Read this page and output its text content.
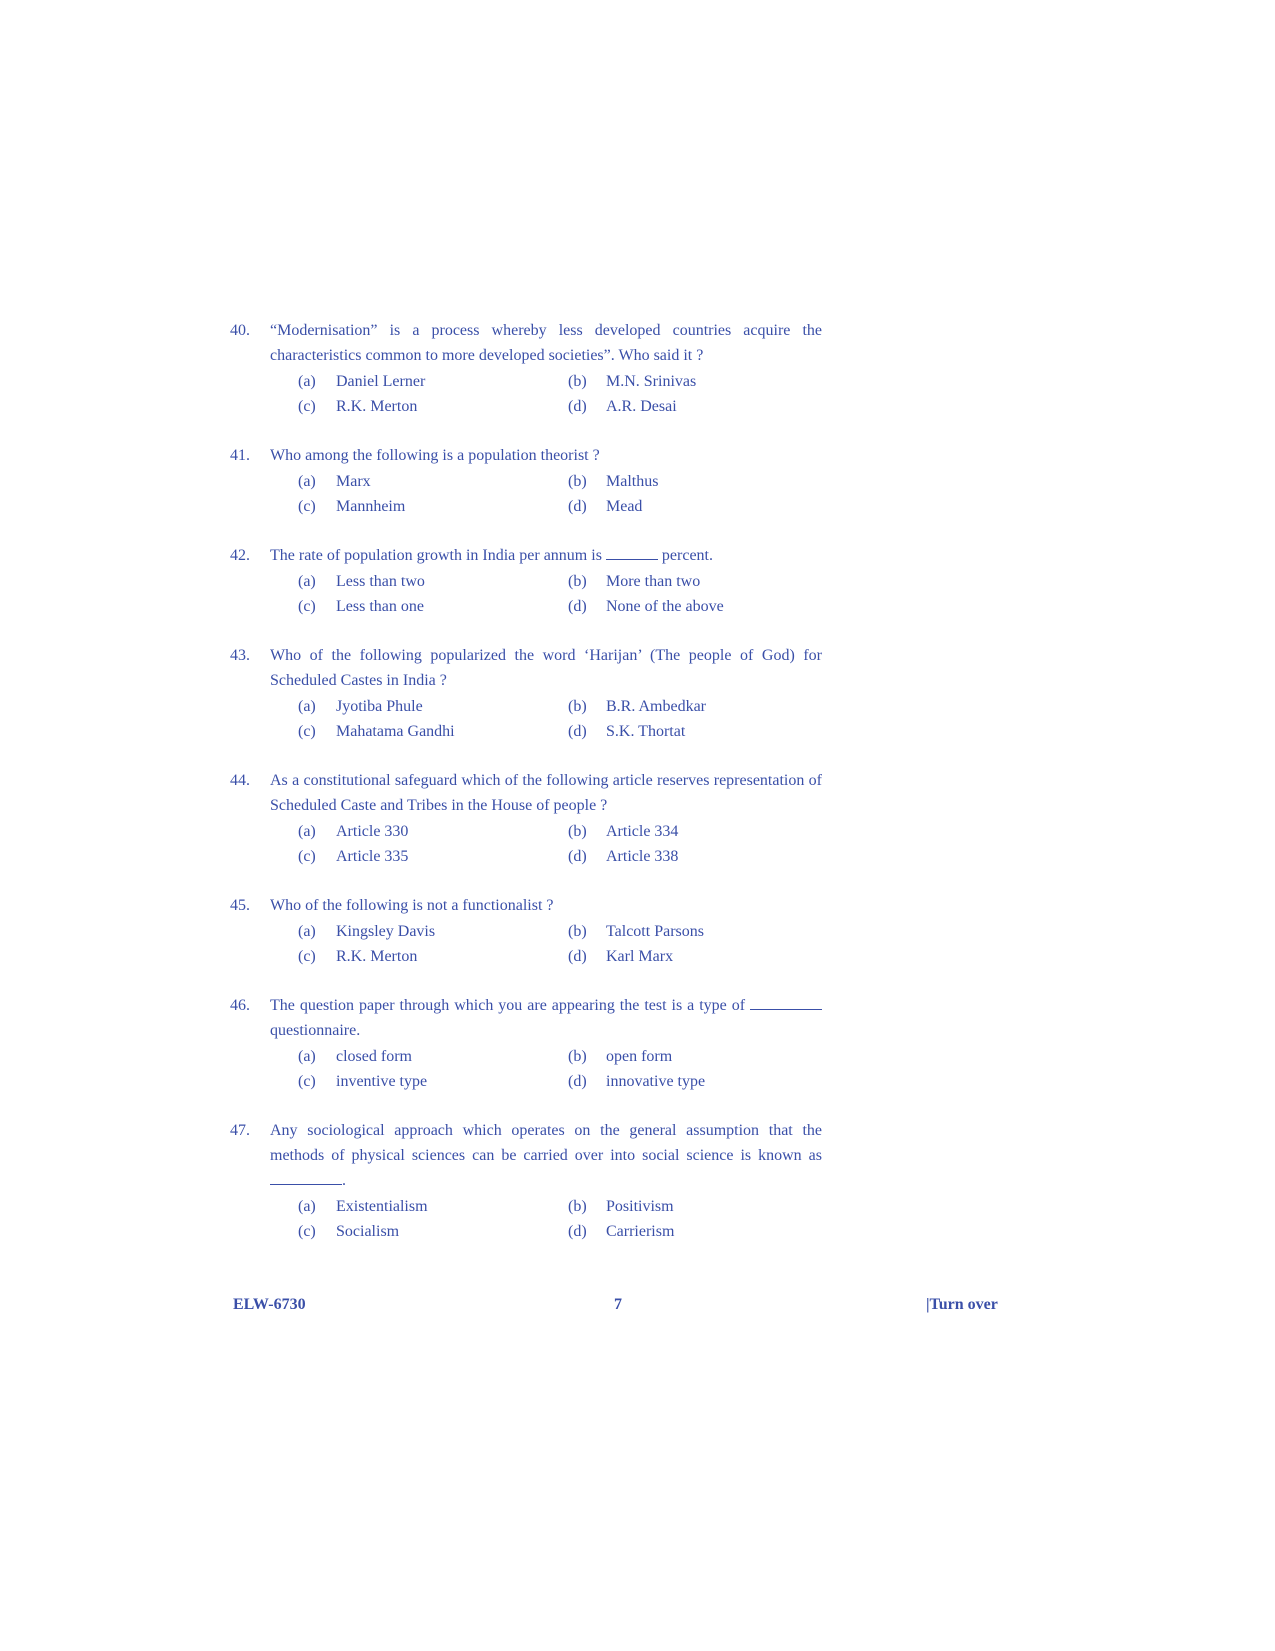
40.	“Modernisation” is a process whereby less developed countries acquire the characteristics common to more developed societies”. Who said it ?
(a)	Daniel Lerner	(b)	M.N. Srinivas
(c)	R.K. Merton	(d)	A.R. Desai
41.	Who among the following is a population theorist ?
(a)	Marx	(b)	Malthus
(c)	Mannheim	(d)	Mead
42.	The rate of population growth in India per annum is	percent.
(a)	Less than two	(b)	More than two
(c)	Less than one	(d)	None of the above
43.	Who of the following popularized the word ‘Harijan’ (The people of God) for Scheduled Castes in India ?
(a)	Jyotiba Phule	(b)	B.R. Ambedkar
(c)	Mahatama Gandhi	(d)	S.K. Thortat
44.	As a constitutional safeguard which of the following article reserves representation of Scheduled Caste and Tribes in the House of people ?
(a)	Article 330	(b)	Article 334
(c)	Article 335	(d)	Article 338
45.	Who of the following is not a functionalist ?
(a)	Kingsley Davis	(b)	Talcott Parsons
(c)	R.K. Merton	(d)	Karl Marx
46.	The question paper through which you are appearing the test is a type of  questionnaire.
(a)	closed form	(b)	open form
(c)	inventive type	(d)	innovative type
47.	Any sociological approach which operates on the general assumption that the methods of physical sciences can be carried over into social science is known as .
(a)	Existentialism	(b)	Positivism
(c)	Socialism	(d)	Carrierism
ELW-6730	7	|Turn over
